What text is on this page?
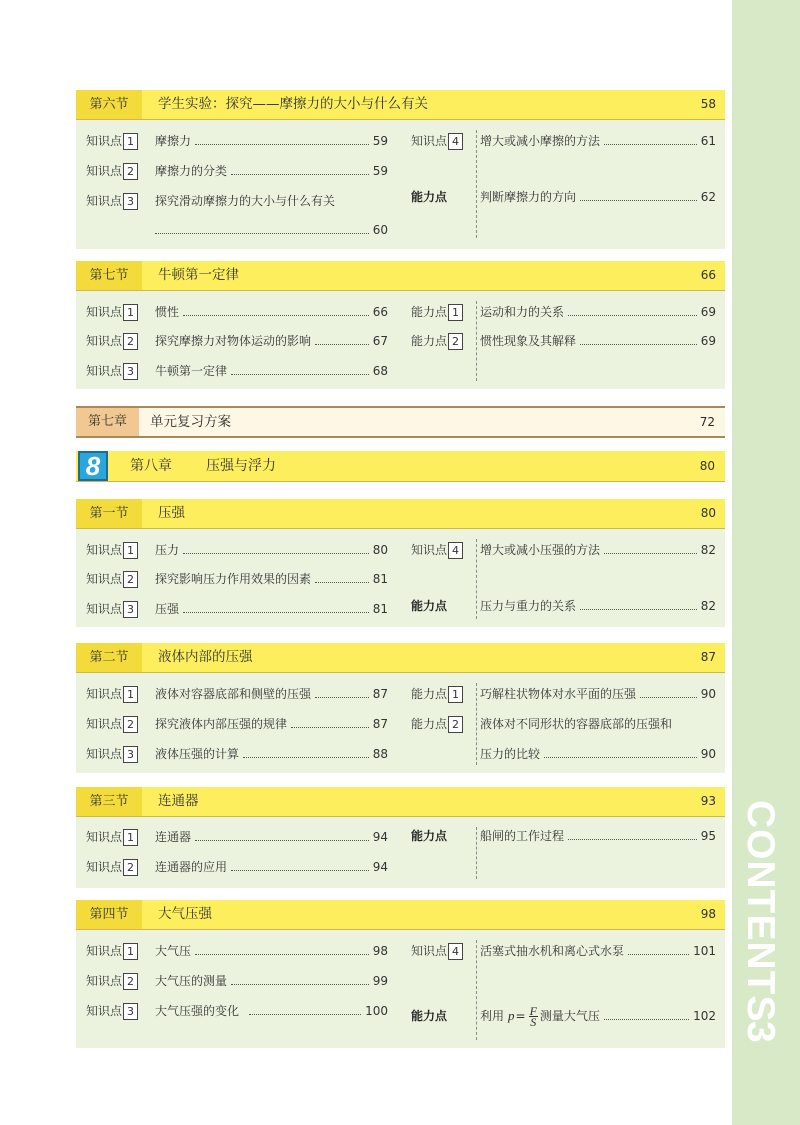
CONTENTS
3
第六节	学生实验：探究——摩擦力的大小与什么有关	58
知识点 1	摩擦力	59
知识点 2	摩擦力的分类	59
知识点 3	探究滑动摩擦力的大小与什么有关
60
知识点 4	增大或减小摩擦的方法	61
能力点	判断摩擦力的方向	62
第七节	牛顿第一定律	66
知识点 1	惯性	66
知识点 2	探究摩擦力对物体运动的影响	67
知识点 3	牛顿第一定律	68
能力点 1	运动和力的关系	69
能力点 2	惯性现象及其解释	69
第七章	单元复习方案	72
8	第八章 压强与浮力	80
第一节	压强	80
知识点 1	压力	80
知识点 2	探究影响压力作用效果的因素	81
知识点 3	压强	81
知识点 4	增大或减小压强的方法	82
能力点	压力与重力的关系	82
第二节	液体内部的压强	87
知识点 1	液体对容器底部和侧壁的压强	87
知识点 2	探究液体内部压强的规律	87
知识点 3	液体压强的计算	88
能力点 1	巧解柱状物体对水平面的压强	90
能力点 2	液体对不同形状的容器底部的压强和
压力的比较	90
第三节	连通器	93
知识点 1	连通器	94
知识点 2	连通器的应用	94
能力点	船闸的工作过程	95
第四节	大气压强	98
知识点 1	大气压	98
知识点 2	大气压的测量	99
知识点 3	大气压强的变化	100
知识点 4	活塞式抽水机和离心式水泵	101
能力点	利用 $p = \frac{F}{S}$ 测量大气压	102
